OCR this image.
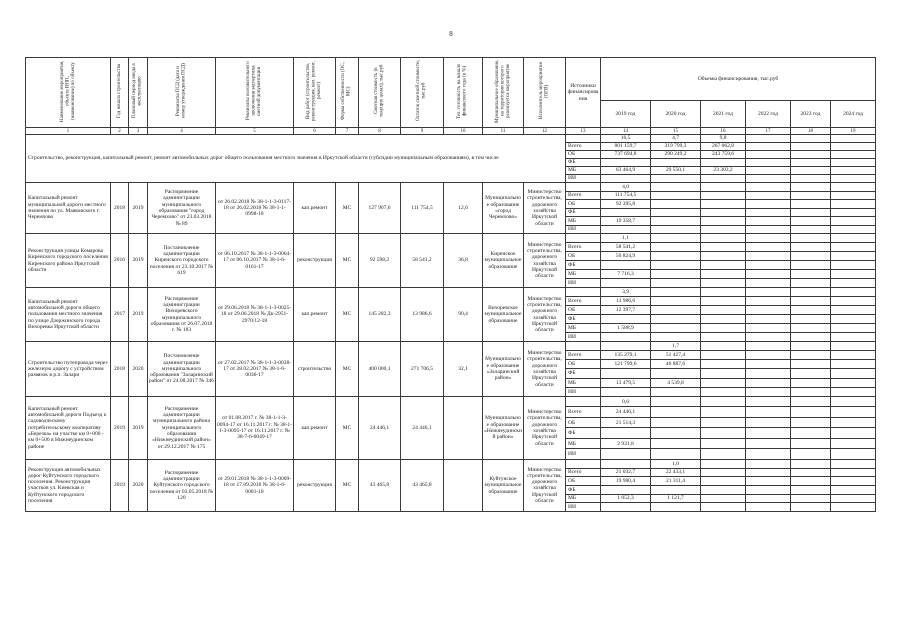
8
Наименование мероприятия, объекта ИНП, (наименование) по объекту	Год начала строительства	Плановый период ввода в эксплуатацию	Реквизиты ПСД (дата и номер утверждения ПСД)	Реквизиты положительного заключения экспертизы сметной документации	Вид работ (строительство, реконструкция, кап. ремонт, ремонт)	Форма собственности (ОС, МС)	Сметная стоимость (в текущих ценах), тыс.руб	Остаток сметной стоимости, тыс.руб	Тех. готовность на начало финансового года (в %)	Муниципальное образование, на территории которого реализуется мероприятие	Исполнитель мероприятия (ОГВ)	Источники финансирования	Объемы финансирования, тыс.руб					
													2019 год	2020 год	2021 год	2022 год	2023 год	2024 год
1	2	3	4	5	6	7	8	9	10	11	12	13	14	15	16	17	18	19
Строительство, реконструкция, капитальный ремонт, ремонт автомобильных дорог общего пользования местного значения в Иркутской области (субсидии муниципальным образованиям), в том числе													16,5	4,7	9,8			
												Всего	801 159,7	319 799,3	267 062,8			
												ОБ	737 694,8	290 249,2	243 759,6			
												ФБ						
												МБ	63 464,9	29 550,1	23 303,2			
												ИИ						

Капитальный ремонт муниципальной дороги местного значения по ул. Маяковского г. Черемхово	2018	2019	Распоряжение администрации муниципального образования "город Черемхово" от 23.03.2018 № 89	от 26.02.2018 № 38-1-1-3-0117-18 от 26.02.2018 № 38-1-1-0998-18	кап.ремонт	МС	127 907,6	111 754,5	12,6	Муниципальное образование «город Черемхово»	Министерство строительства, дорожного хозяйства Иркутской области		4,0					
												Всего	111 754,5					
												ОБ	92 395,8					
												ФБ						
												МБ	19 358,7					
												ИИ						

Реконструкция улицы Комарова Киренского городского поселения Киренского района Иркутской области	2016	2019	Постановление администрации Киренского городского поселения от 23.10.2017 № 619	от 06.10.2017 № 38-1-1-3-0064-17 от 06.10.2017 № 38-1-6-0161-17	реконструкция	МС	92 598,2	58 541,2	36,8	Киренское муниципальное образование	Министерство строительства, дорожного хозяйства Иркутской области		1,1					
												Всего	58 541,2					
												ОБ	50 824,9					
												ФБ						
												МБ	7 716,3					
												ИИ						

Капитальный ремонт автомобильной дороги общего пользования местного значения по улице Дзержинского города Вихоревка Иркутской области	2017	2019	Распоряжение администрации Вихоревского муниципального образования от 26.07.2018 г. № 183	от 29.06.2018 № 38-1-1-3-0025-18 от 29.06.2018 № Дк-2951-2970/12-18	кап.ремонт	МС	145 282,3	13 986,6	90,4	Вихоревское муниципальное образование	Министерство строительства, дорожного хозяйства Иркутской области		3,9					
												Всего	13 986,6					
												ОБ	12 397,7					
												ФБ						
												МБ	1 588,9					
												ИИ						

Строительство путепровода через железную дорогу с устройством развязок в р.п. Залари	2018	2020	Постановление администрации муниципального образования "Заларинский район" от 24.08.2017 № 346	от 27.02.2017 № 38-1-1-3-0038-17 от 28.02.2017 № 38-1-6-0036-17	строительство	МС	400 000,1	271 706,5	32,1	Муниципальное образование «Заларинский район»	Министерство строительства, дорожного хозяйства Иркутской области			1,7				
												Всего	135 279,1	51 427,4				
												ОБ	121 799,6	46 887,6				
												ФБ						
												МБ	13 479,5	4 539,8				
												ИИ						

Капитальный ремонт автомобильной дороги Подъезд к садоводческому потребительскому кооперативу «Березка» на участке км 0+000 - км 0+500 в Нижнеудинском районе	2019	2019	Распоряжение администрации муниципального района муниципального образования «Нижнеудинский район» от 29.12.2017 № 175	от 01.08.2017 г. № 38-1-1-3-0094-17 от 16.11.2017 г. № 38-1-1-3-0095-17 от 16.11.2017 г. № 38-7-6-0049-17	кап.ремонт	МС	24 446,1	24 446,1		Муниципальное образование «Нижнеудинский район»	Министерство строительства, дорожного хозяйства Иркутской области		0,6					
												Всего	24 446,1					
												ОБ	21 514,3					
												ФБ						
												МБ	2 931,8					
												ИИ						

Реконструкция автомобильных дорог Куйтунского городского поселения. Реконструкция участков ул. Киевская и Куйтунского городского поселения	2019	2020	Распоряжение администрации Куйтунского городского поселения от 03.05.2018 № 120	от 29.01.2018 № 38-1-1-3-0009-18 от 17.09.2018 № 38-1-6-0081-18	реконструкция	МС	43 465,8	43 465,8		Куйтунское муниципальное образование	Министерство строительства, дорожного хозяйства Иркутской области			1,0				
												Всего	21 032,7	22 433,1				
												ОБ	19 980,4	21 311,4				
												ФБ						
												МБ	1 052,3	1 121,7				
												ИИ						
